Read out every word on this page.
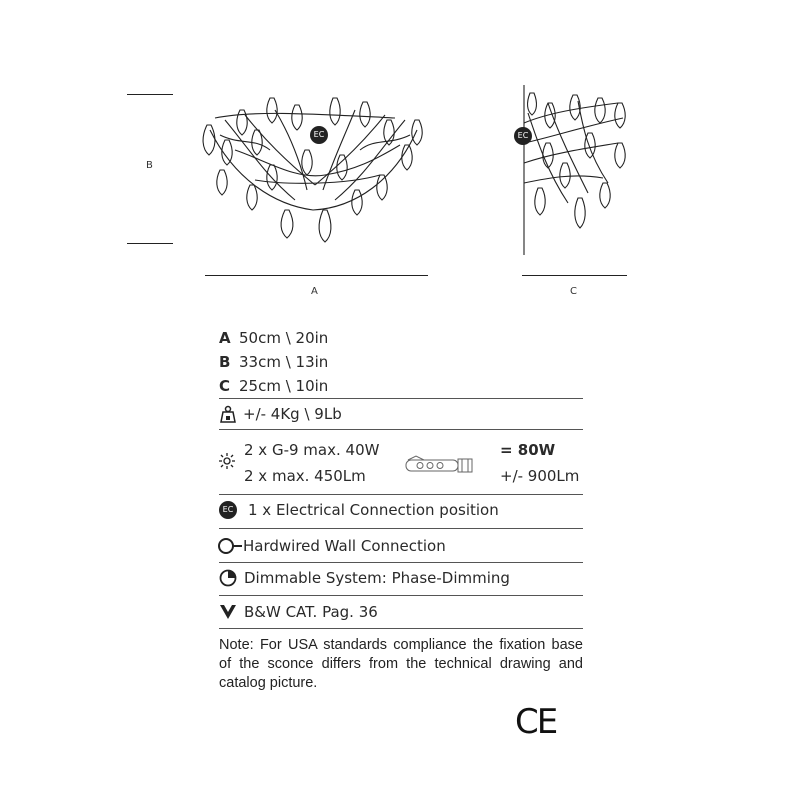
B
EC
A
EC
C
A 50cm \ 20in
B 33cm \ 13in
C 25cm \ 10in
+/- 4Kg \ 9Lb
2 x G-9 max. 40W
2 x max. 450Lm
= 80W
+/- 900Lm
EC 1 x Electrical Connection position
Hardwired Wall Connection
Dimmable System: Phase-Dimming
B&W CAT. Pag. 36
Note: For USA standards compliance the fixation base of the sconce differs from the technical drawing and catalog picture.
CE
